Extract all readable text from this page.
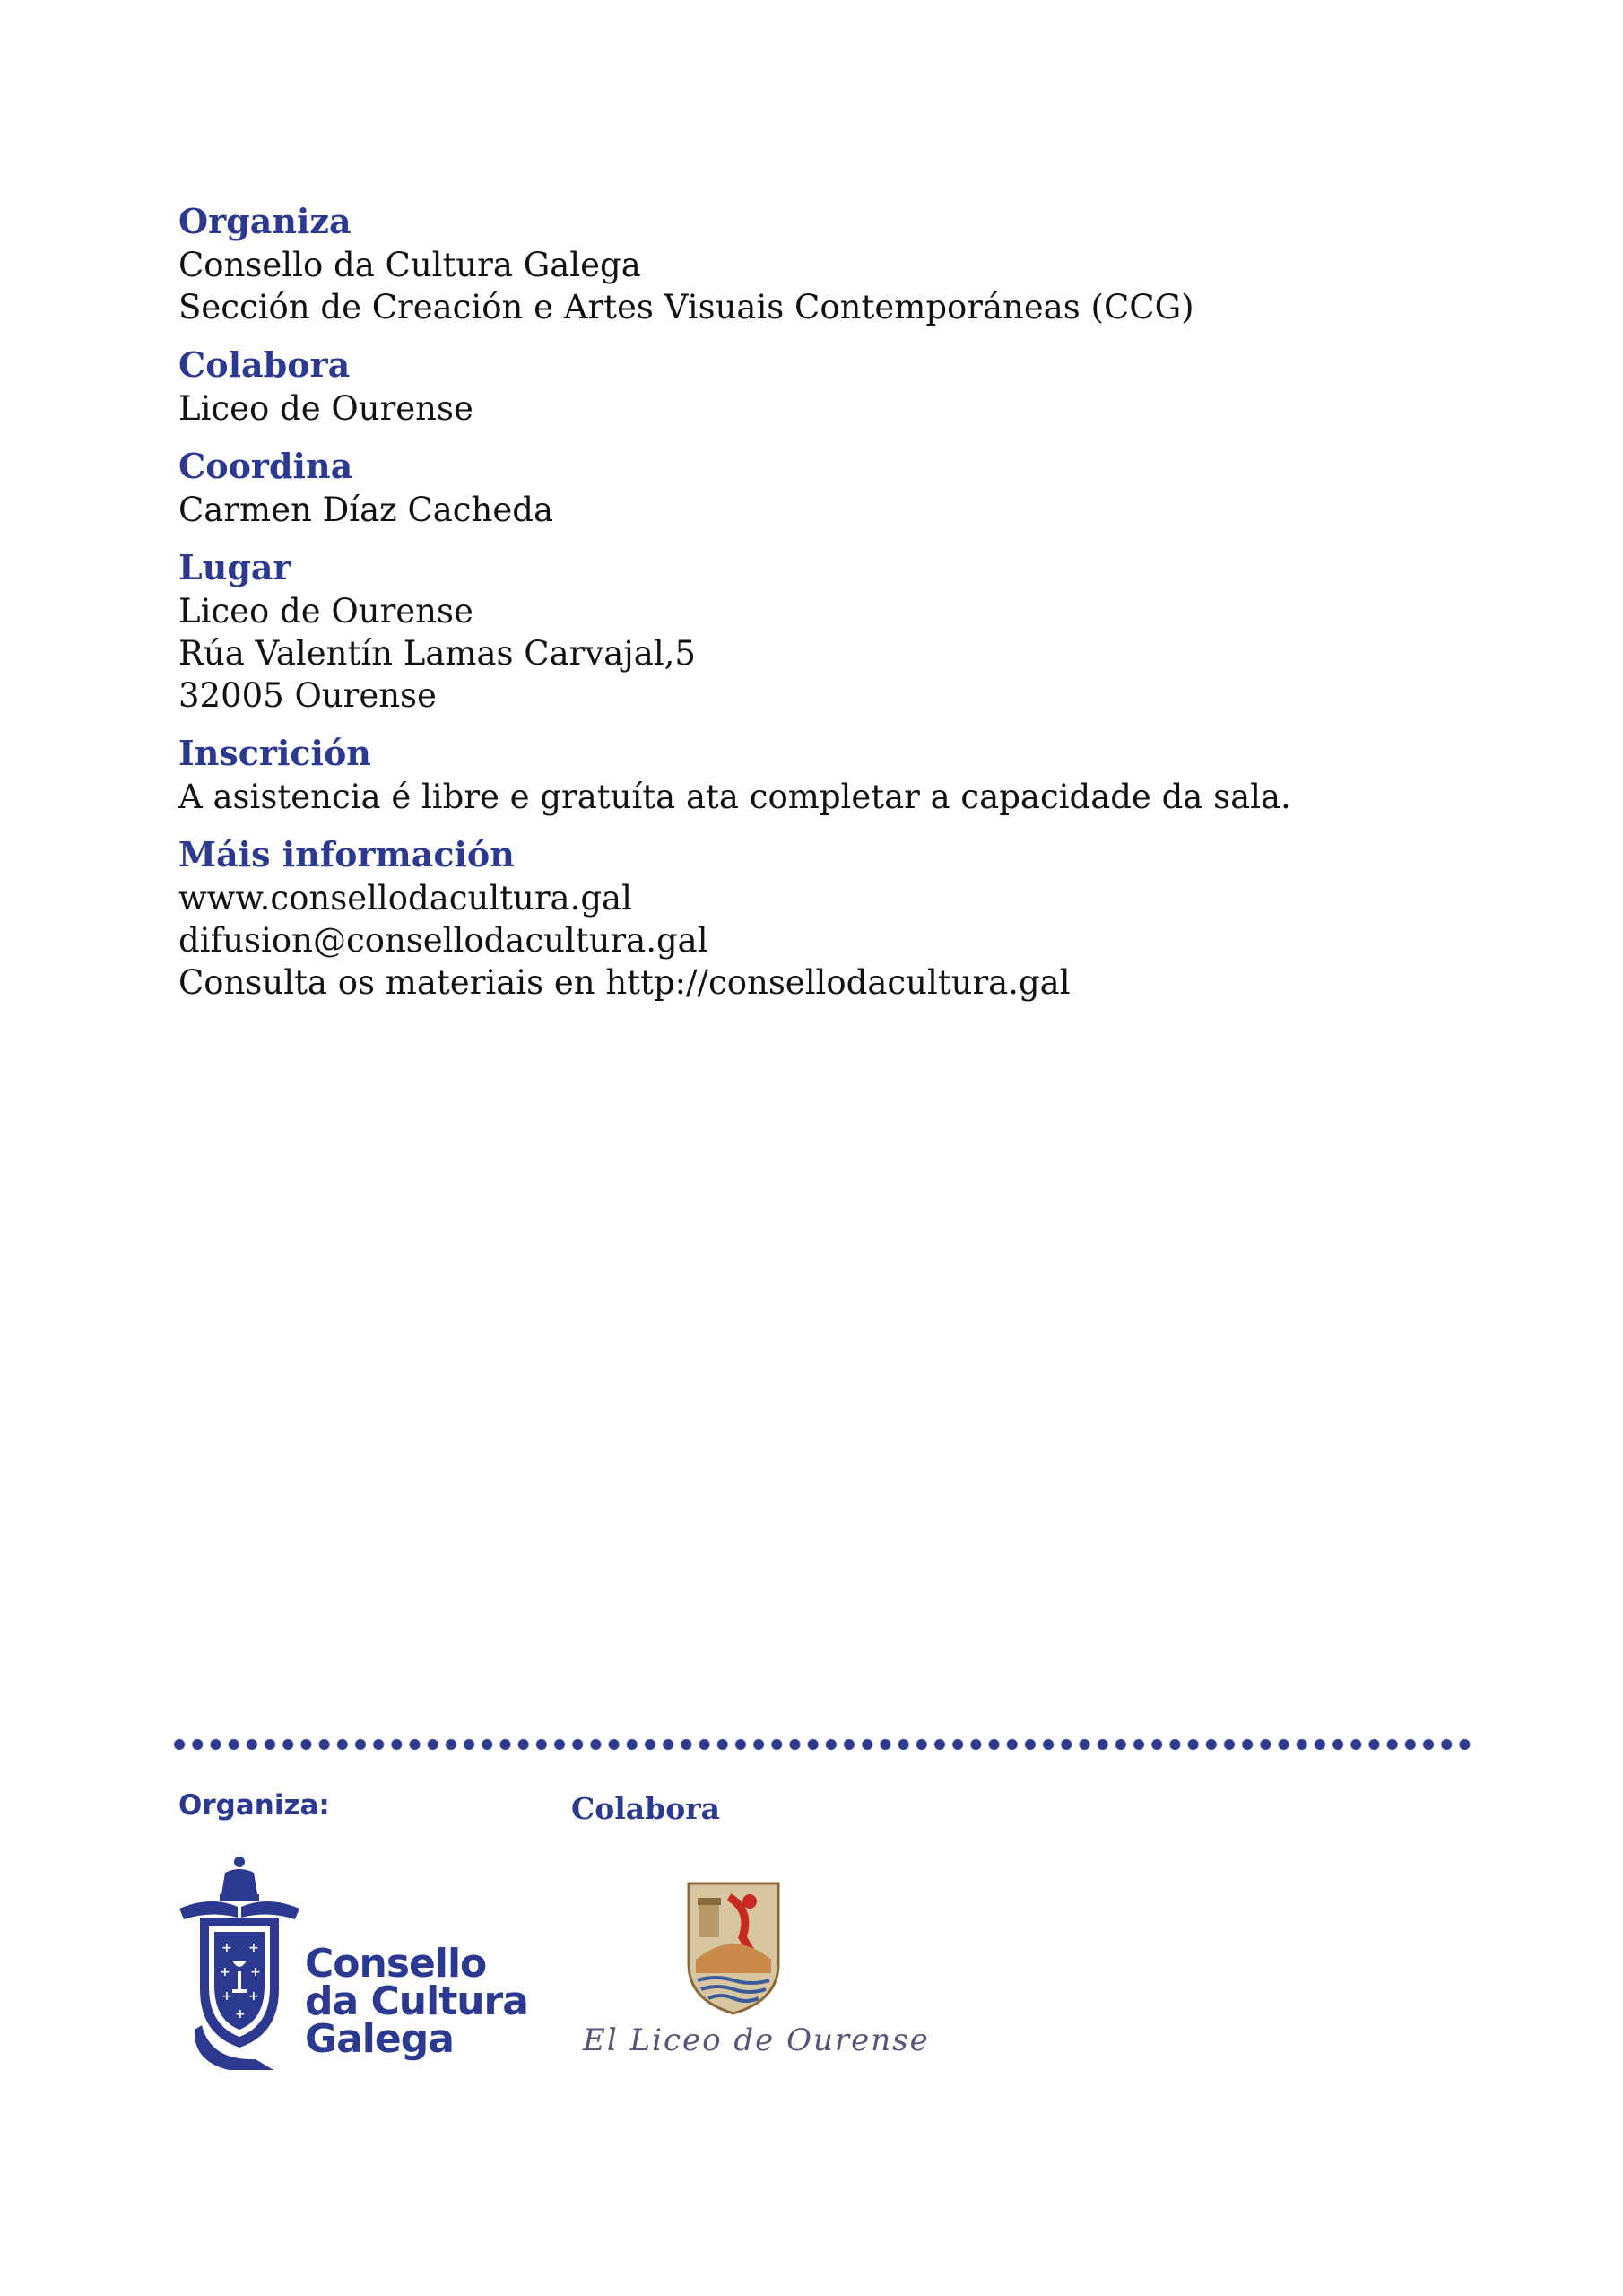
Organiza
Consello da Cultura Galega
Sección de Creación e Artes Visuais Contemporáneas (CCG)
Colabora
Liceo de Ourense
Coordina
Carmen Díaz Cacheda
Lugar
Liceo de Ourense
Rúa Valentín Lamas Carvajal,5
32005 Ourense
Inscrición
A asistencia é libre e gratuíta ata completar a capacidade da sala.
Máis información
www.consellodacultura.gal
difusion@consellodacultura.gal
Consulta os materiais en http://consellodacultura.gal
Organiza:	Colabora
+ +
+ +
+ +
+
Consello
da Cultura
Galega	El Liceo de Ourense
